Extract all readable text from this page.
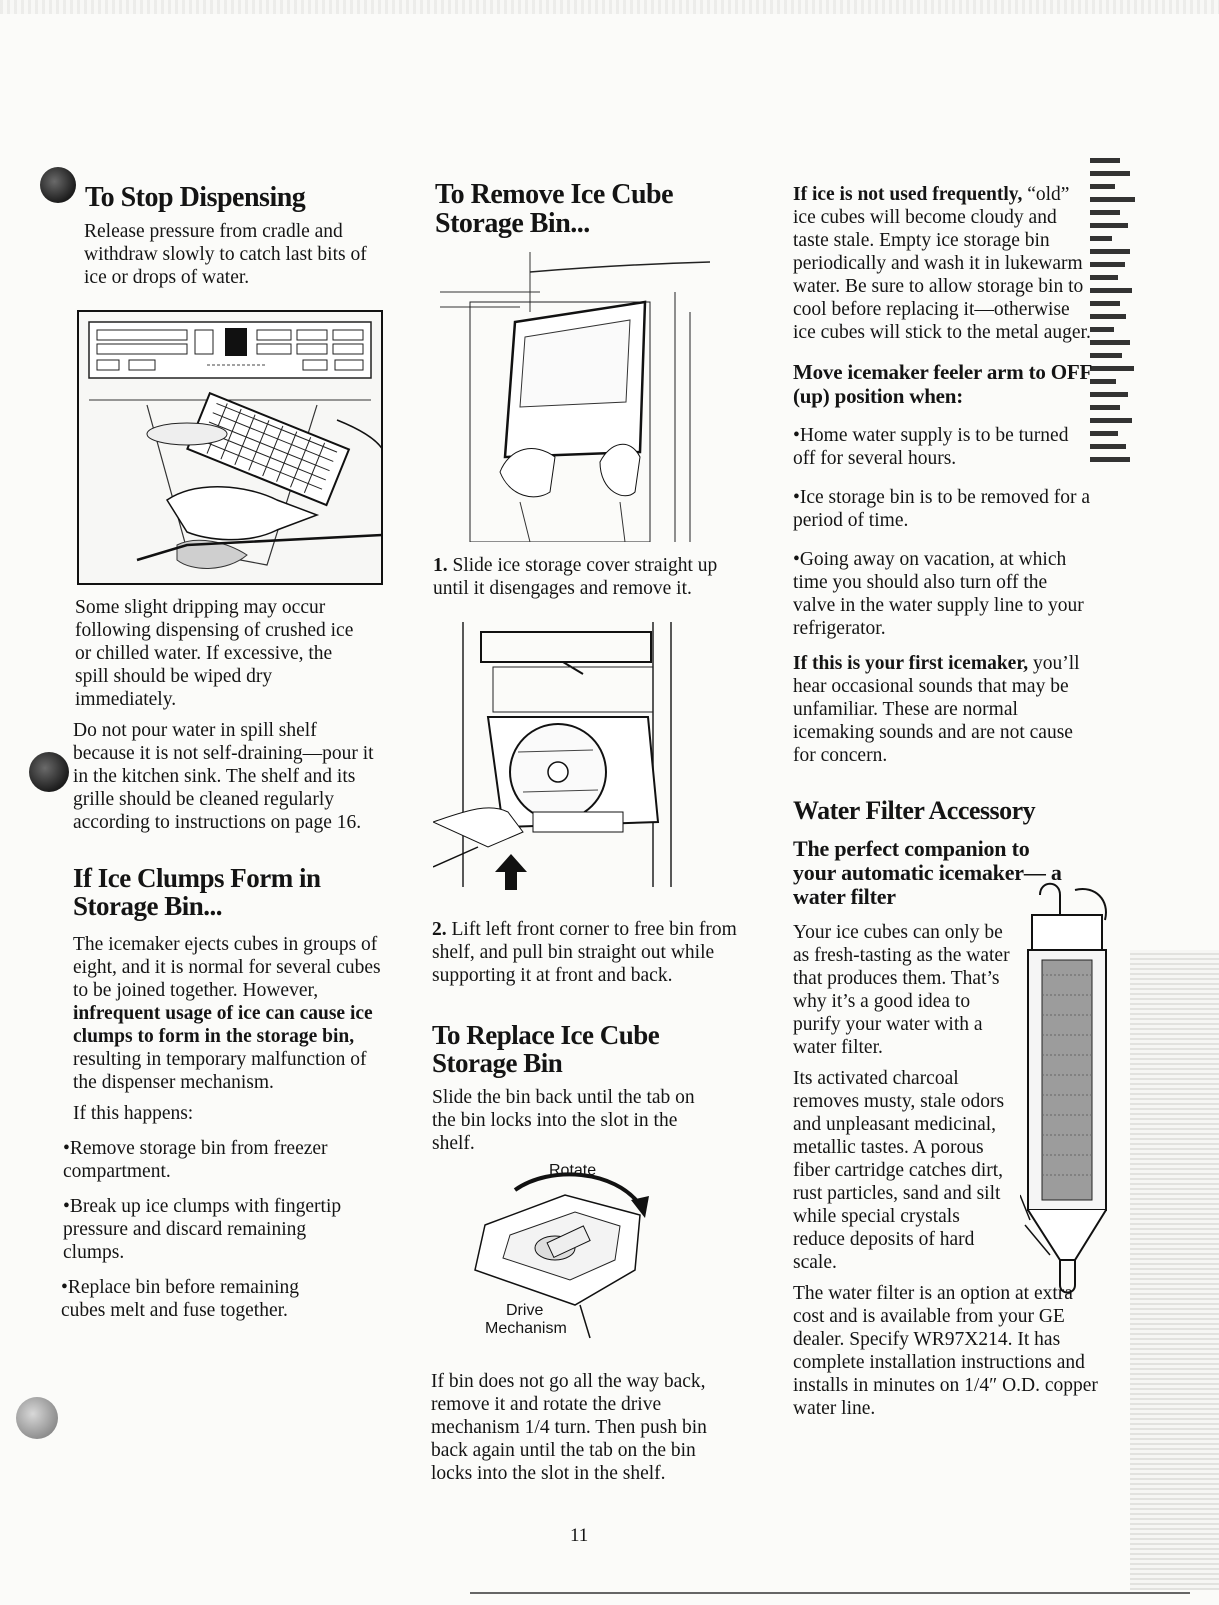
To Stop Dispensing

Release pressure from cradle and withdraw slowly to catch last bits of ice or drops of water.

Some slight dripping may occur following dispensing of crushed ice or chilled water. If excessive, the spill should be wiped dry immediately.

Do not pour water in spill shelf because it is not self-draining—pour it in the kitchen sink. The shelf and its grille should be cleaned regularly according to instructions on page 16.

If Ice Clumps Form in Storage Bin...

The icemaker ejects cubes in groups of eight, and it is normal for several cubes to be joined together. However, infrequent usage of ice can cause ice clumps to form in the storage bin, resulting in temporary malfunction of the dispenser mechanism.

If this happens:

• Remove storage bin from freezer compartment.

• Break up ice clumps with fingertip pressure and discard remaining clumps.

• Replace bin before remaining cubes melt and fuse together.

To Remove Ice Cube Storage Bin...

1. Slide ice storage cover straight up until it disengages and remove it.

2. Lift left front corner to free bin from shelf, and pull bin straight out while supporting it at front and back.

To Replace Ice Cube Storage Bin

Slide the bin back until the tab on the bin locks into the slot in the shelf.

Rotate
Drive
Mechanism

If bin does not go all the way back, remove it and rotate the drive mechanism 1/4 turn. Then push bin back again until the tab on the bin locks into the slot in the shelf.

If ice is not used frequently, “old” ice cubes will become cloudy and taste stale. Empty ice storage bin periodically and wash it in lukewarm water. Be sure to allow storage bin to cool before replacing it—otherwise ice cubes will stick to the metal auger.

Move icemaker feeler arm to OFF (up) position when:

• Home water supply is to be turned off for several hours.

• Ice storage bin is to be removed for a period of time.

• Going away on vacation, at which time you should also turn off the valve in the water supply line to your refrigerator.

If this is your first icemaker, you’ll hear occasional sounds that may be unfamiliar. These are normal icemaking sounds and are not cause for concern.

Water Filter Accessory
The perfect companion to your automatic icemaker— a water filter

Your ice cubes can only be as fresh-tasting as the water that produces them. That’s why it’s a good idea to purify your water with a water filter.

Its activated charcoal removes musty, stale odors and unpleasant medicinal, metallic tastes. A porous fiber cartridge catches dirt, rust particles, sand and silt while special crystals reduce deposits of hard scale.

The water filter is an option at extra cost and is available from your GE dealer. Specify WR97X214. It has complete installation instructions and installs in minutes on 1/4″ O.D. copper water line.

11
